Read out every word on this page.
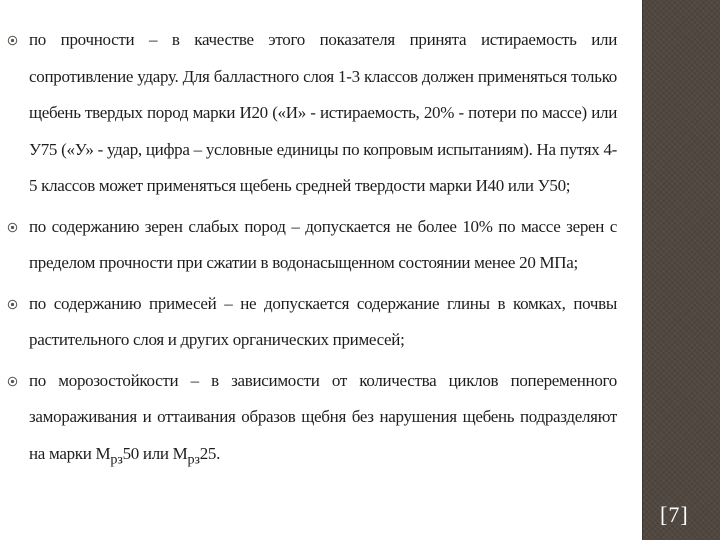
по прочности – в качестве этого показателя принята истираемость или сопротивление удару. Для балластного слоя 1-3 классов должен применяться только щебень твердых пород марки И20 («И» - истираемость, 20% - потери по массе) или У75 («У» - удар, цифра – условные единицы по копровым испытаниям). На путях 4-5 классов может применяться щебень средней твердости марки И40 или У50;
по содержанию зерен слабых пород – допускается не более 10% по массе зерен с пределом прочности при сжатии в водонасыщенном состоянии менее 20 МПа;
по содержанию примесей – не допускается содержание глины в комках, почвы растительного слоя и других органических примесей;
по морозостойкости – в зависимости от количества циклов попеременного замораживания и оттаивания образов щебня без нарушения щебень подразделяют на марки $М_{рз}50$ или $М_{рз}25$.
[7]
